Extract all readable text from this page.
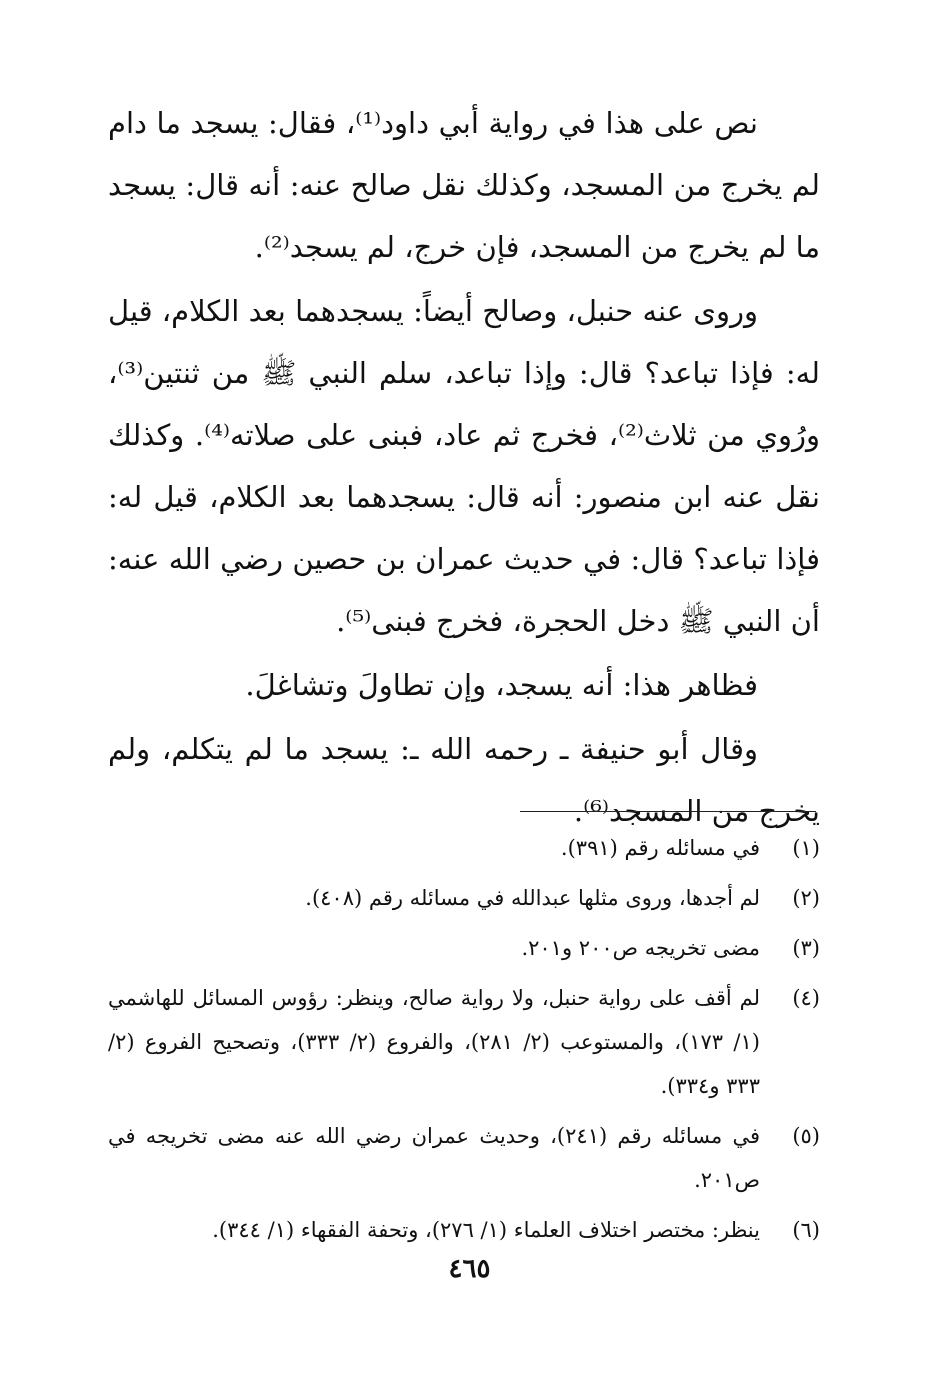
نص على هذا في رواية أبي داود⁽¹⁾، فقال: يسجد ما دام لم يخرج من المسجد، وكذلك نقل صالح عنه: أنه قال: يسجد ما لم يخرج من المسجد، فإن خرج، لم يسجد⁽²⁾.

وروى عنه حنبل، وصالح أيضاً: يسجدهما بعد الكلام، قيل له: فإذا تباعد؟ قال: وإذا تباعد، سلم النبي ﷺ من ثنتين⁽³⁾، ورُوي من ثلاث⁽²⁾، فخرج ثم عاد، فبنى على صلاته⁽⁴⁾. وكذلك نقل عنه ابن منصور: أنه قال: يسجدهما بعد الكلام، قيل له: فإذا تباعد؟ قال: في حديث عمران بن حصين رضي الله عنه: أن النبي ﷺ دخل الحجرة، فخرج فبنى⁽⁵⁾.

فظاهر هذا: أنه يسجد، وإن تطاولَ وتشاغلَ.

وقال أبو حنيفة ـ رحمه الله ـ: يسجد ما لم يتكلم، ولم يخرج من المسجد⁽⁶⁾.

(١)
في مسائله رقم (٣٩١).
(٢)
لم أجدها، وروى مثلها عبدالله في مسائله رقم (٤٠٨).
(٣)
مضى تخريجه ص٢٠٠ و٢٠١.
(٤)
لم أقف على رواية حنبل، ولا رواية صالح، وينظر: رؤوس المسائل للهاشمي (١/ ١٧٣)، والمستوعب (٢/ ٢٨١)، والفروع (٢/ ٣٣٣)، وتصحيح الفروع (٢/ ٣٣٣ و٣٣٤).
(٥)
في مسائله رقم (٢٤١)، وحديث عمران رضي الله عنه مضى تخريجه في ص٢٠١.
(٦)
ينظر: مختصر اختلاف العلماء (١/ ٢٧٦)، وتحفة الفقهاء (١/ ٣٤٤).
٤٦٥
